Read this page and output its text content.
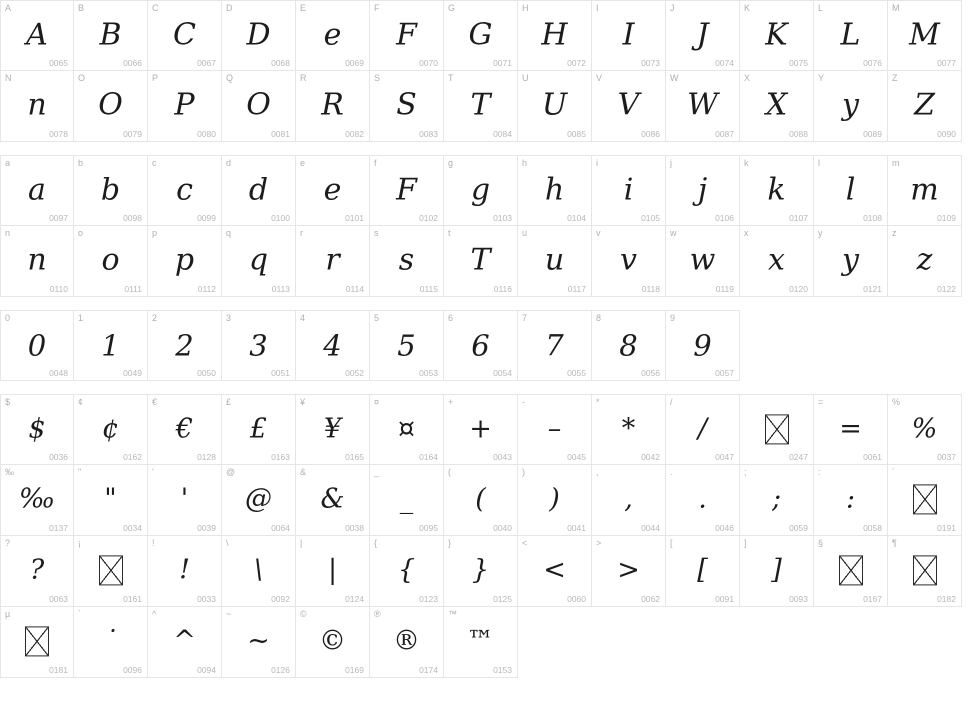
A
A
0065
B
B
0066
C
C
0067
D
D
0068
E
e
0069
F
F
0070
G
G
0071
H
H
0072
I
I
0073
J
J
0074
K
K
0075
L
L
0076
M
M
0077
N
n
0078
O
O
0079
P
P
0080
Q
O
0081
R
R
0082
S
S
0083
T
T
0084
U
U
0085
V
V
0086
W
W
0087
X
X
0088
Y
y
0089
Z
Z
0090
a
a
0097
b
b
0098
c
c
0099
d
d
0100
e
e
0101
f
F
0102
g
g
0103
h
h
0104
i
i
0105
j
j
0106
k
k
0107
l
l
0108
m
m
0109
n
n
0110
o
o
0111
p
p
0112
q
q
0113
r
r
0114
s
s
0115
t
T
0116
u
u
0117
v
v
0118
w
w
0119
x
x
0120
y
y
0121
z
z
0122
0
0
0048
1
1
0049
2
2
0050
3
3
0051
4
4
0052
5
5
0053
6
6
0054
7
7
0055
8
8
0056
9
9
0057
$
$
0036
¢
¢
0162
€
€
0128
£
£
0163
¥
¥
0165
¤
¤
0164
+
+
0043
-
–
0045
*
*
0042
/
/
0047	0247
=
=
0061
%
%
0037
‰
‰
0137
"
"
0034
'
'
0039
@
@
0064
&
&
0038
_
_
0095
(
(
0040
)
)
0041
,
,
0044
.
.
0046
;
;
0059
:
:
0058
´
0191
?
?
0063
¡
0161
!
!
0033
\
\
0092
|
|
0124
{
{
0123
}
}
0125
<
<
0060
>
>
0062
[
[
0091
]
]
0093
§
0167
¶
0182
µ
0181
`
˙
0096
^
^
0094
~
~
0126
©
©
0169
®
®
0174
™
™
0153
